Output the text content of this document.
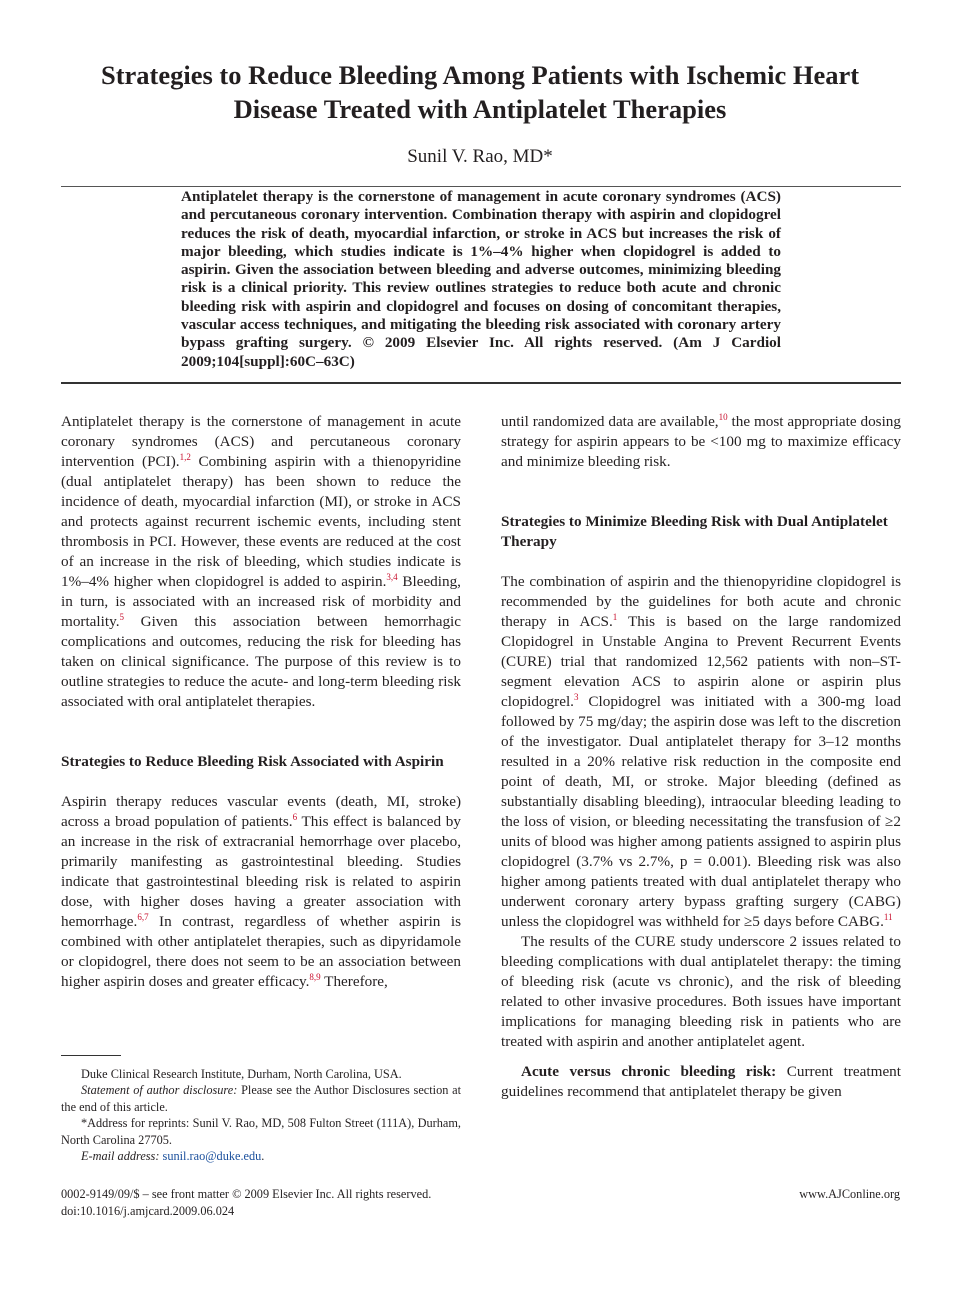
Strategies to Reduce Bleeding Among Patients with Ischemic Heart
Disease Treated with Antiplatelet Therapies
Sunil V. Rao, MD*

Antiplatelet therapy is the cornerstone of management in acute coronary syndromes (ACS) and percutaneous coronary intervention. Combination therapy with aspirin and clopidogrel reduces the risk of death, myocardial infarction, or stroke in ACS but increases the risk of major bleeding, which studies indicate is 1%–4% higher when clopidogrel is added to aspirin. Given the association between bleeding and adverse outcomes, minimizing bleeding risk is a clinical priority. This review outlines strategies to reduce both acute and chronic bleeding risk with aspirin and clopidogrel and focuses on dosing of concomitant therapies, vascular access techniques, and mitigating the bleeding risk associated with coronary artery bypass grafting surgery. © 2009 Elsevier Inc. All rights reserved. (Am J Cardiol 2009;104[suppl]:60C–63C)

Antiplatelet therapy is the cornerstone of management in acute coronary syndromes (ACS) and percutaneous coronary intervention (PCI).$^{1,2}$ Combining aspirin with a thienopyridine (dual antiplatelet therapy) has been shown to reduce the incidence of death, myocardial infarction (MI), or stroke in ACS and protects against recurrent ischemic events, including stent thrombosis in PCI. However, these events are reduced at the cost of an increase in the risk of bleeding, which studies indicate is 1%–4% higher when clopidogrel is added to aspirin.$^{3,4}$ Bleeding, in turn, is associated with an increased risk of morbidity and mortality.$^5$ Given this association between hemorrhagic complications and outcomes, reducing the risk for bleeding has taken on clinical significance. The purpose of this review is to outline strategies to reduce the acute- and long-term bleeding risk associated with oral antiplatelet therapies.

Strategies to Reduce Bleeding Risk Associated with Aspirin

Aspirin therapy reduces vascular events (death, MI, stroke) across a broad population of patients.$^6$ This effect is balanced by an increase in the risk of extracranial hemorrhage over placebo, primarily manifesting as gastrointestinal bleeding. Studies indicate that gastrointestinal bleeding risk is related to aspirin dose, with higher doses having a greater association with hemorrhage.$^{6,7}$ In contrast, regardless of whether aspirin is combined with other antiplatelet therapies, such as dipyridamole or clopidogrel, there does not seem to be an association between higher aspirin doses and greater efficacy.$^{8,9}$ Therefore,

Duke Clinical Research Institute, Durham, North Carolina, USA.

Statement of author disclosure: Please see the Author Disclosures section at the end of this article.

*Address for reprints: Sunil V. Rao, MD, 508 Fulton Street (111A), Durham, North Carolina 27705.

E-mail address: sunil.rao@duke.edu.

until randomized data are available,$^{10}$ the most appropriate dosing strategy for aspirin appears to be <100 mg to maximize efficacy and minimize bleeding risk.

Strategies to Minimize Bleeding Risk with Dual Antiplatelet Therapy

The combination of aspirin and the thienopyridine clopidogrel is recommended by the guidelines for both acute and chronic therapy in ACS.$^1$ This is based on the large randomized Clopidogrel in Unstable Angina to Prevent Recurrent Events (CURE) trial that randomized 12,562 patients with non–ST-segment elevation ACS to aspirin alone or aspirin plus clopidogrel.$^3$ Clopidogrel was initiated with a 300-mg load followed by 75 mg/day; the aspirin dose was left to the discretion of the investigator. Dual antiplatelet therapy for 3–12 months resulted in a 20% relative risk reduction in the composite end point of death, MI, or stroke. Major bleeding (defined as substantially disabling bleeding), intraocular bleeding leading to the loss of vision, or bleeding necessitating the transfusion of ≥2 units of blood was higher among patients assigned to aspirin plus clopidogrel (3.7% vs 2.7%, p = 0.001). Bleeding risk was also higher among patients treated with dual antiplatelet therapy who underwent coronary artery bypass grafting surgery (CABG) unless the clopidogrel was withheld for ≥5 days before CABG.$^{11}$

The results of the CURE study underscore 2 issues related to bleeding complications with dual antiplatelet therapy: the timing of bleeding risk (acute vs chronic), and the risk of bleeding related to other invasive procedures. Both issues have important implications for managing bleeding risk in patients who are treated with aspirin and another antiplatelet agent.

Acute versus chronic bleeding risk: Current treatment guidelines recommend that antiplatelet therapy be given

0002-9149/09/$ – see front matter © 2009 Elsevier Inc. All rights reserved.
doi:10.1016/j.amjcard.2009.06.024
www.AJConline.org
